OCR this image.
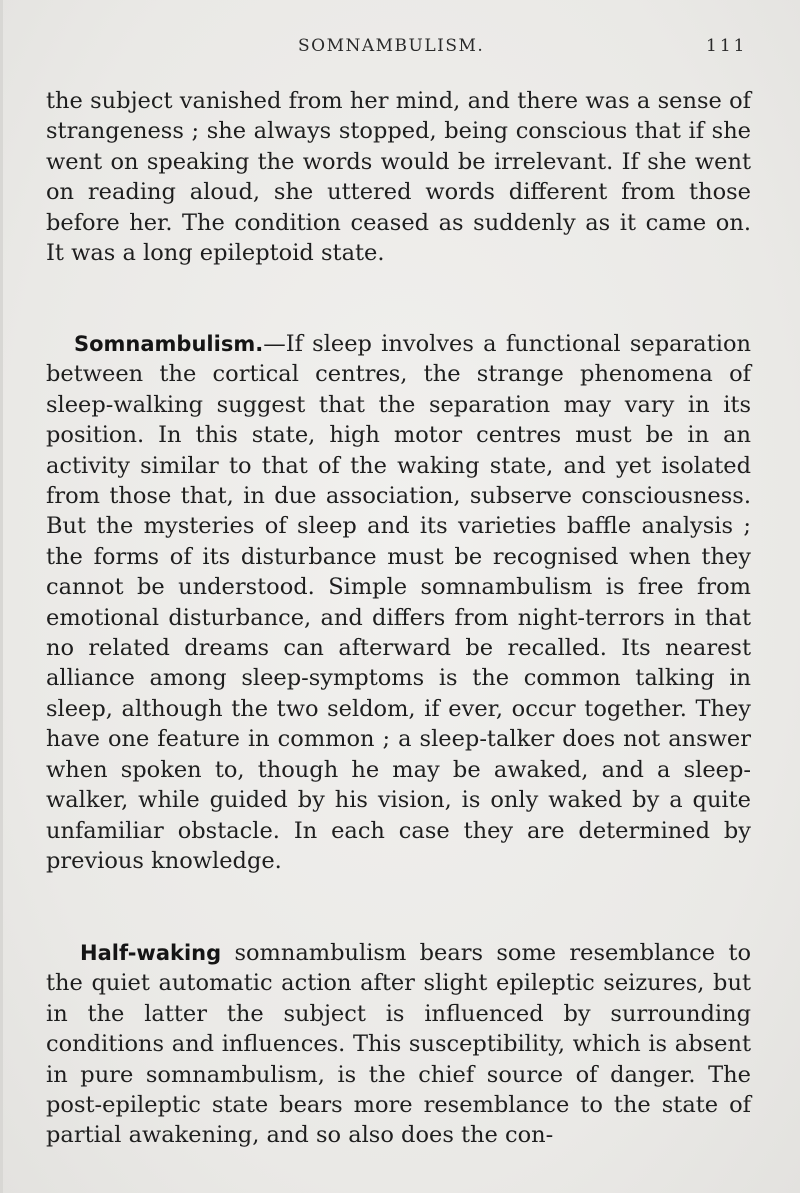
SOMNAMBULISM.	111

the subject vanished from her mind, and there was a sense of strangeness ; she always stopped, being conscious that if she went on speaking the words would be irrelevant. If she went on reading aloud, she uttered words different from those before her. The condition ceased as suddenly as it came on. It was a long epileptoid state.

Somnambulism.—If sleep involves a functional separation between the cortical centres, the strange phenomena of sleep-walking suggest that the separation may vary in its position. In this state, high motor centres must be in an activity similar to that of the waking state, and yet isolated from those that, in due association, subserve consciousness. But the mysteries of sleep and its varieties baffle analysis ; the forms of its disturbance must be recognised when they cannot be understood. Simple somnambulism is free from emotional disturbance, and differs from night-terrors in that no related dreams can afterward be recalled. Its nearest alliance among sleep-symptoms is the common talking in sleep, although the two seldom, if ever, occur together. They have one feature in common ; a sleep-talker does not answer when spoken to, though he may be awaked, and a sleep-walker, while guided by his vision, is only waked by a quite unfamiliar obstacle. In each case they are determined by previous knowledge.

Half-waking somnambulism bears some resemblance to the quiet automatic action after slight epileptic seizures, but in the latter the subject is influenced by surrounding conditions and influences. This susceptibility, which is absent in pure somnambulism, is the chief source of danger. The post-epileptic state bears more resemblance to the state of partial awakening, and so also does the con-
